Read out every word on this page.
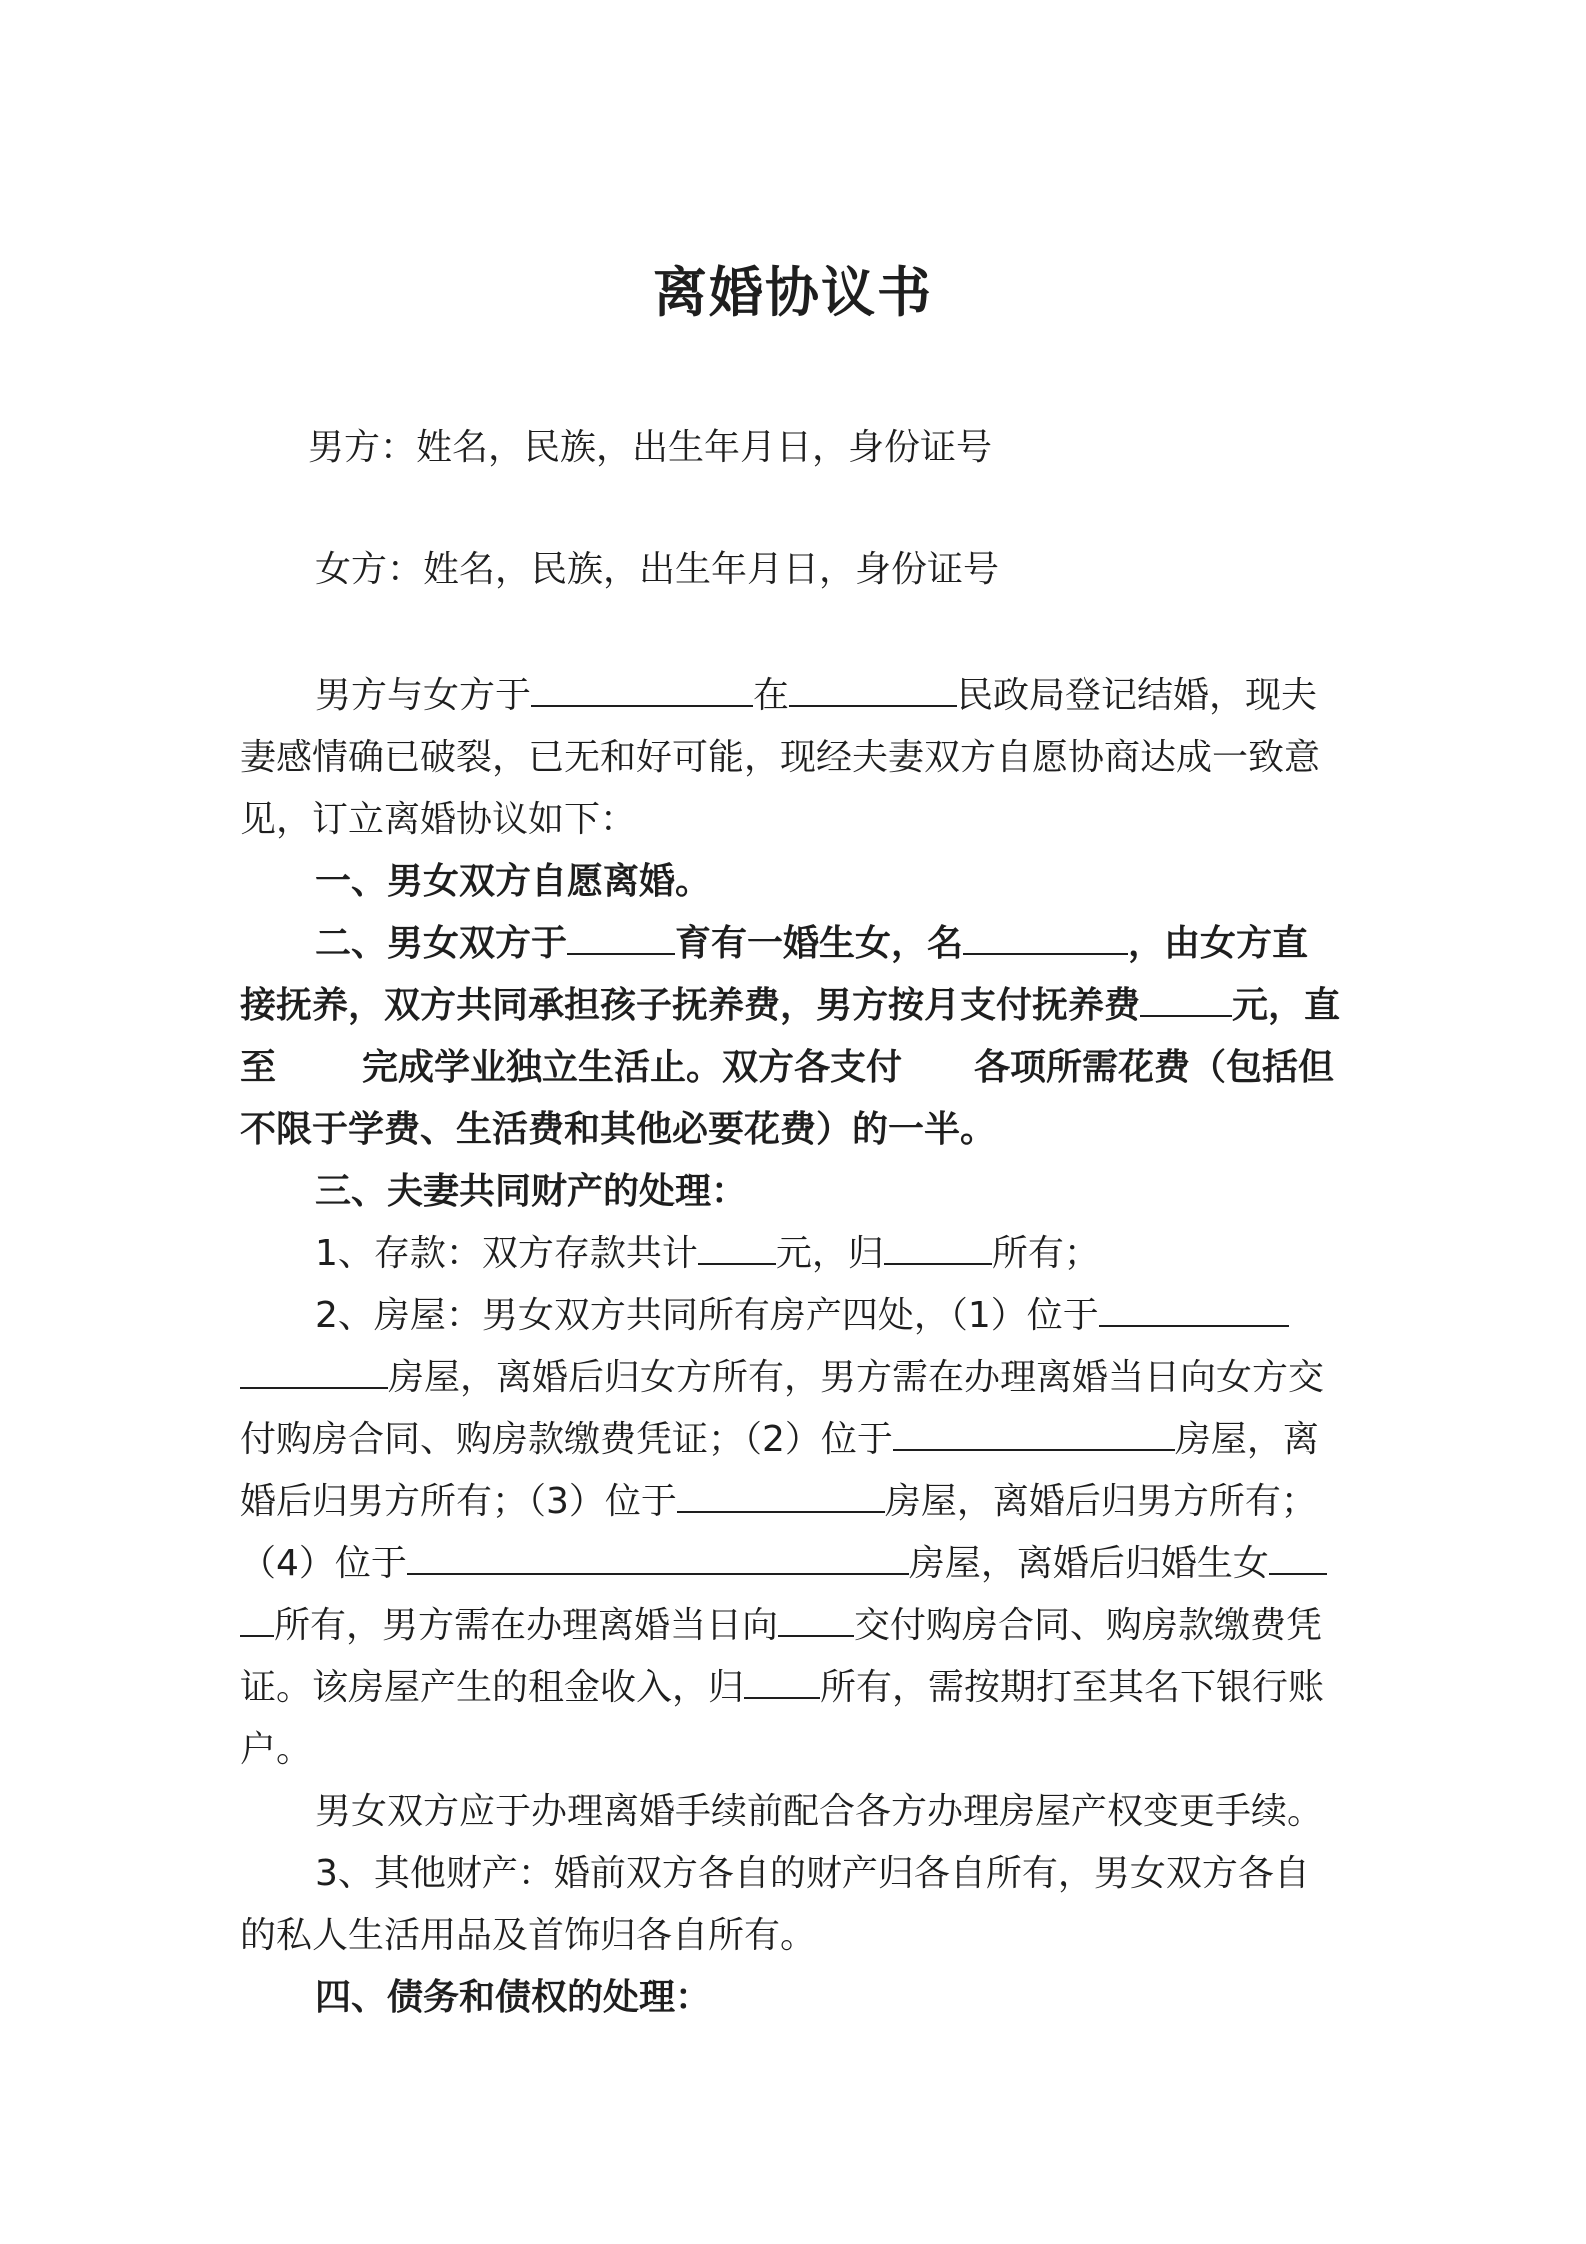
离婚协议书
男方：姓名，民族，出生年月日，身份证号
女方：姓名，民族，出生年月日，身份证号
男方与女方于	在	民政局登记结婚，现夫
妻感情确已破裂，已无和好可能，现经夫妻双方自愿协商达成一致意
见，订立离婚协议如下：
一、男女双方自愿离婚。
二、男女双方于	育有一婚生女，名	，由女方直
接抚养，双方共同承担孩子抚养费，男方按月支付抚养费	元，直
至 完成学业独立生活止。双方各支付 各项所需花费（包括但
不限于学费、生活费和其他必要花费）的一半。
三、夫妻共同财产的处理：
1、存款：双方存款共计 元，归	所有；
2、房屋：男女双方共同所有房产四处，（1）位于
房屋，离婚后归女方所有，男方需在办理离婚当日向女方交
付购房合同、购房款缴费凭证；（2）位于	房屋，离
婚后归男方所有；（3）位于	房屋，离婚后归男方所有；
（4）位于	房屋，离婚后归婚生女
所有，男方需在办理离婚当日向 交付购房合同、购房款缴费凭
证。该房屋产生的租金收入，归 所有，需按期打至其名下银行账
户。
男女双方应于办理离婚手续前配合各方办理房屋产权变更手续。
3、其他财产：婚前双方各自的财产归各自所有，男女双方各自
的私人生活用品及首饰归各自所有。
四、债务和债权的处理：
